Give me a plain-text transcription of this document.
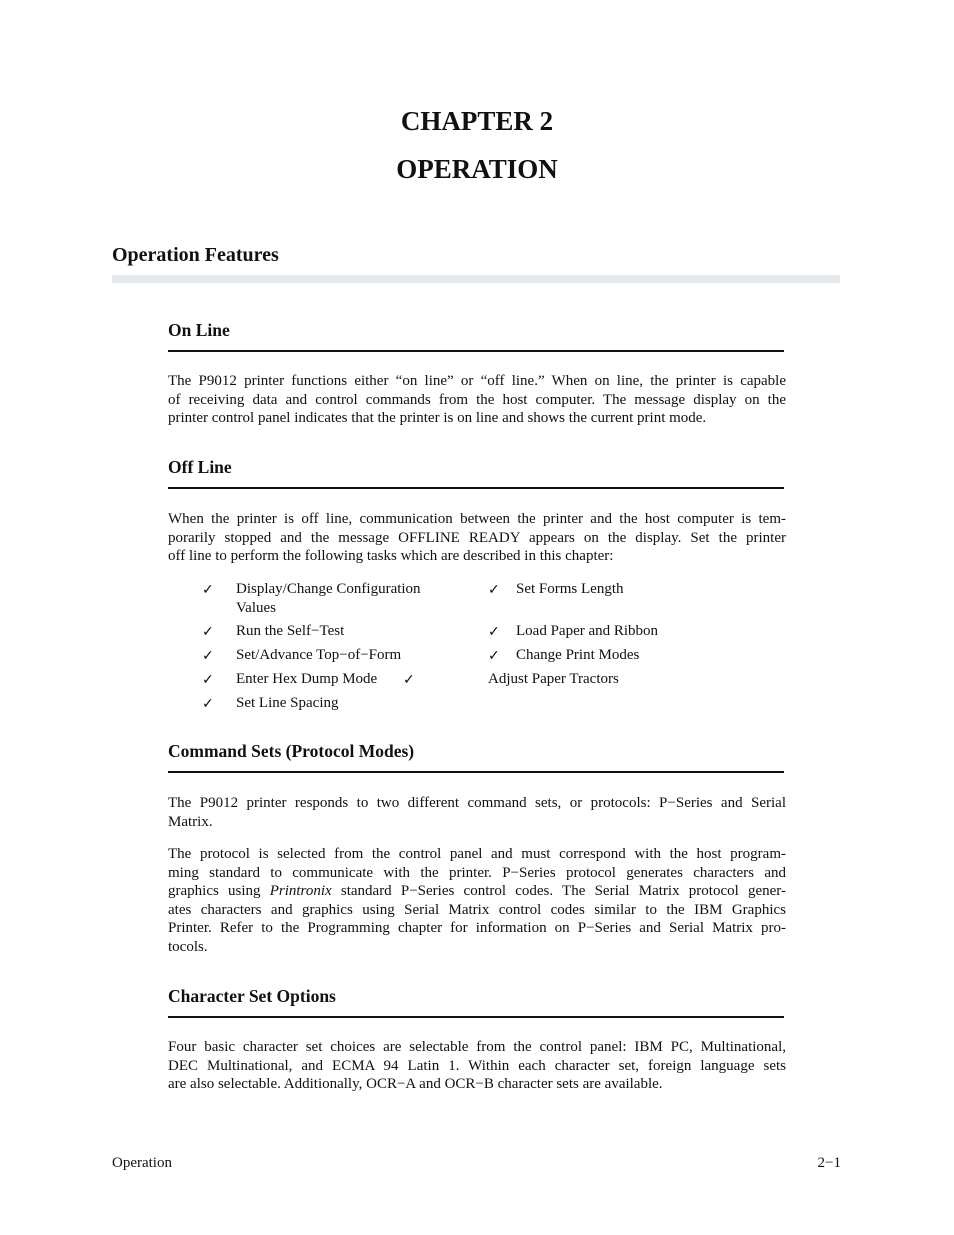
CHAPTER 2
OPERATION
Operation Features
On Line
The P9012 printer functions either “on line” or “off line.” When on line, the printer is capable
of receiving data and control commands from the host computer. The message display on the
printer control panel indicates that the printer is on line and shows the current print mode.
Off Line
When the printer is off line, communication between the printer and the host computer is tem-
porarily stopped and the message OFFLINE READY appears on the display. Set the printer
off line to perform the following tasks which are described in this chapter:
✓ Display/Change Configuration
Values
✓ Run the Self−Test
✓ Set/Advance Top−of−Form
✓ Enter Hex Dump Mode ✓
✓ Set Line Spacing
✓ Set Forms Length
✓ Load Paper and Ribbon
✓ Change Print Modes
Adjust Paper Tractors
Command Sets (Protocol Modes)
The P9012 printer responds to two different command sets, or protocols: P−Series and Serial
Matrix.
The protocol is selected from the control panel and must correspond with the host program-
ming standard to communicate with the printer. P−Series protocol generates characters and
graphics using Printronix standard P−Series control codes. The Serial Matrix protocol gener-
ates characters and graphics using Serial Matrix control codes similar to the IBM Graphics
Printer. Refer to the Programming chapter for information on P−Series and Serial Matrix pro-
tocols.
Character Set Options
Four basic character set choices are selectable from the control panel: IBM PC, Multinational,
DEC Multinational, and ECMA 94 Latin 1. Within each character set, foreign language sets
are also selectable. Additionally, OCR−A and OCR−B character sets are available.
Operation	2−1
